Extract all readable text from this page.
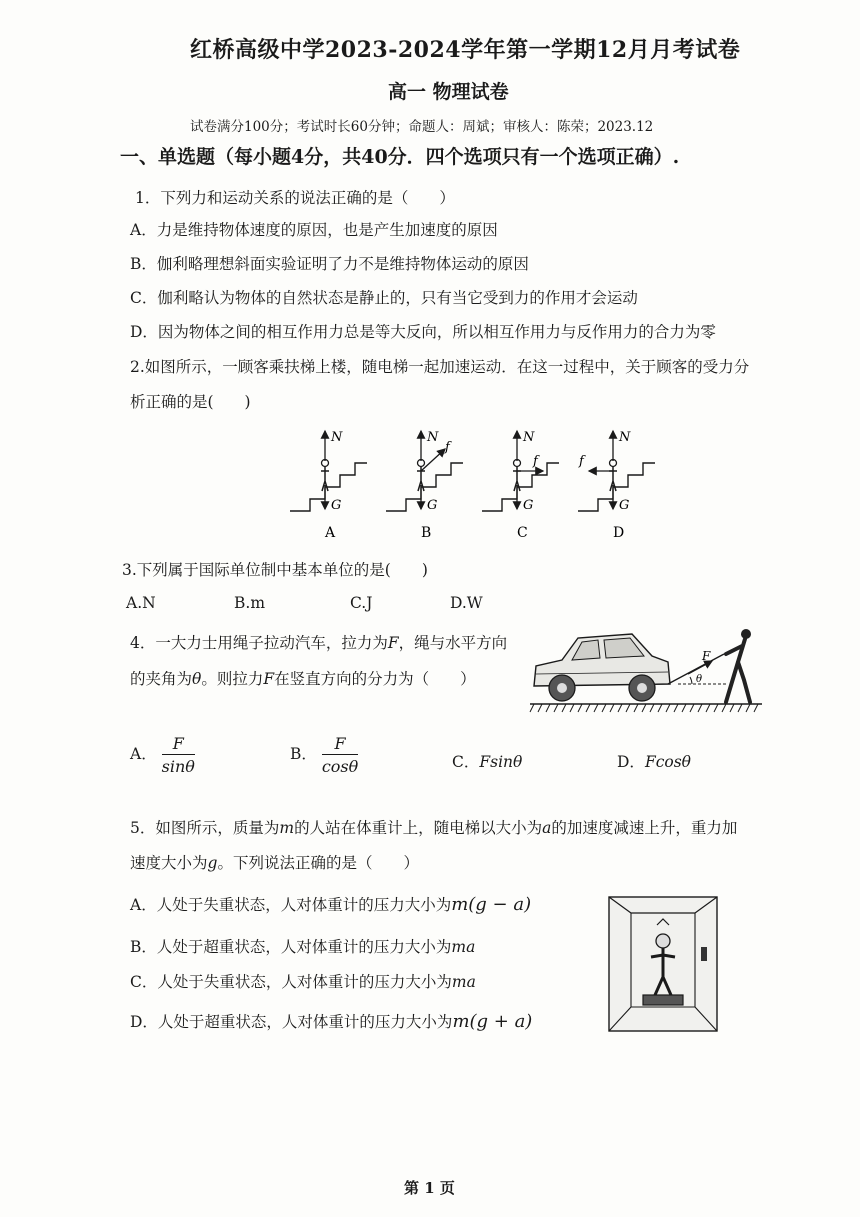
红桥高级中学2023-2024学年第一学期12月月考试卷
高一 物理试卷
试卷满分100分；考试时长60分钟；命题人：周斌；审核人：陈荣；2023.12
一、单选题（每小题4分，共40分．四个选项只有一个选项正确）.
1．下列力和运动关系的说法正确的是（　　）
A．力是维持物体速度的原因，也是产生加速度的原因
B．伽利略理想斜面实验证明了力不是维持物体运动的原因
C．伽利略认为物体的自然状态是静止的，只有当它受到力的作用才会运动
D．因为物体之间的相互作用力总是等大反向，所以相互作用力与反作用力的合力为零
2.如图所示，一顾客乘扶梯上楼，随电梯一起加速运动．在这一过程中，关于顾客的受力分
析正确的是(　　)
N
G
A
N
f
G
B
N
f
G
C
N
f
G
D
3.下列属于国际单位制中基本单位的是(　　)
A.N	B.m	C.J	D.W
4．一大力士用绳子拉动汽车，拉力为F，绳与水平方向
的夹角为θ。则拉力F在竖直方向的分力为（　　）
F
θ
A． $\frac{F}{\sin\theta}$	B． $\frac{F}{\cos\theta}$	C．Fsinθ	D．Fcosθ
5．如图所示，质量为m的人站在体重计上，随电梯以大小为a的加速度减速上升，重力加
速度大小为g。下列说法正确的是（　　）
A．人处于失重状态，人对体重计的压力大小为m(g − a)
B．人处于超重状态，人对体重计的压力大小为ma
C．人处于失重状态，人对体重计的压力大小为ma
D．人处于超重状态，人对体重计的压力大小为m(g + a)
第 1 页
